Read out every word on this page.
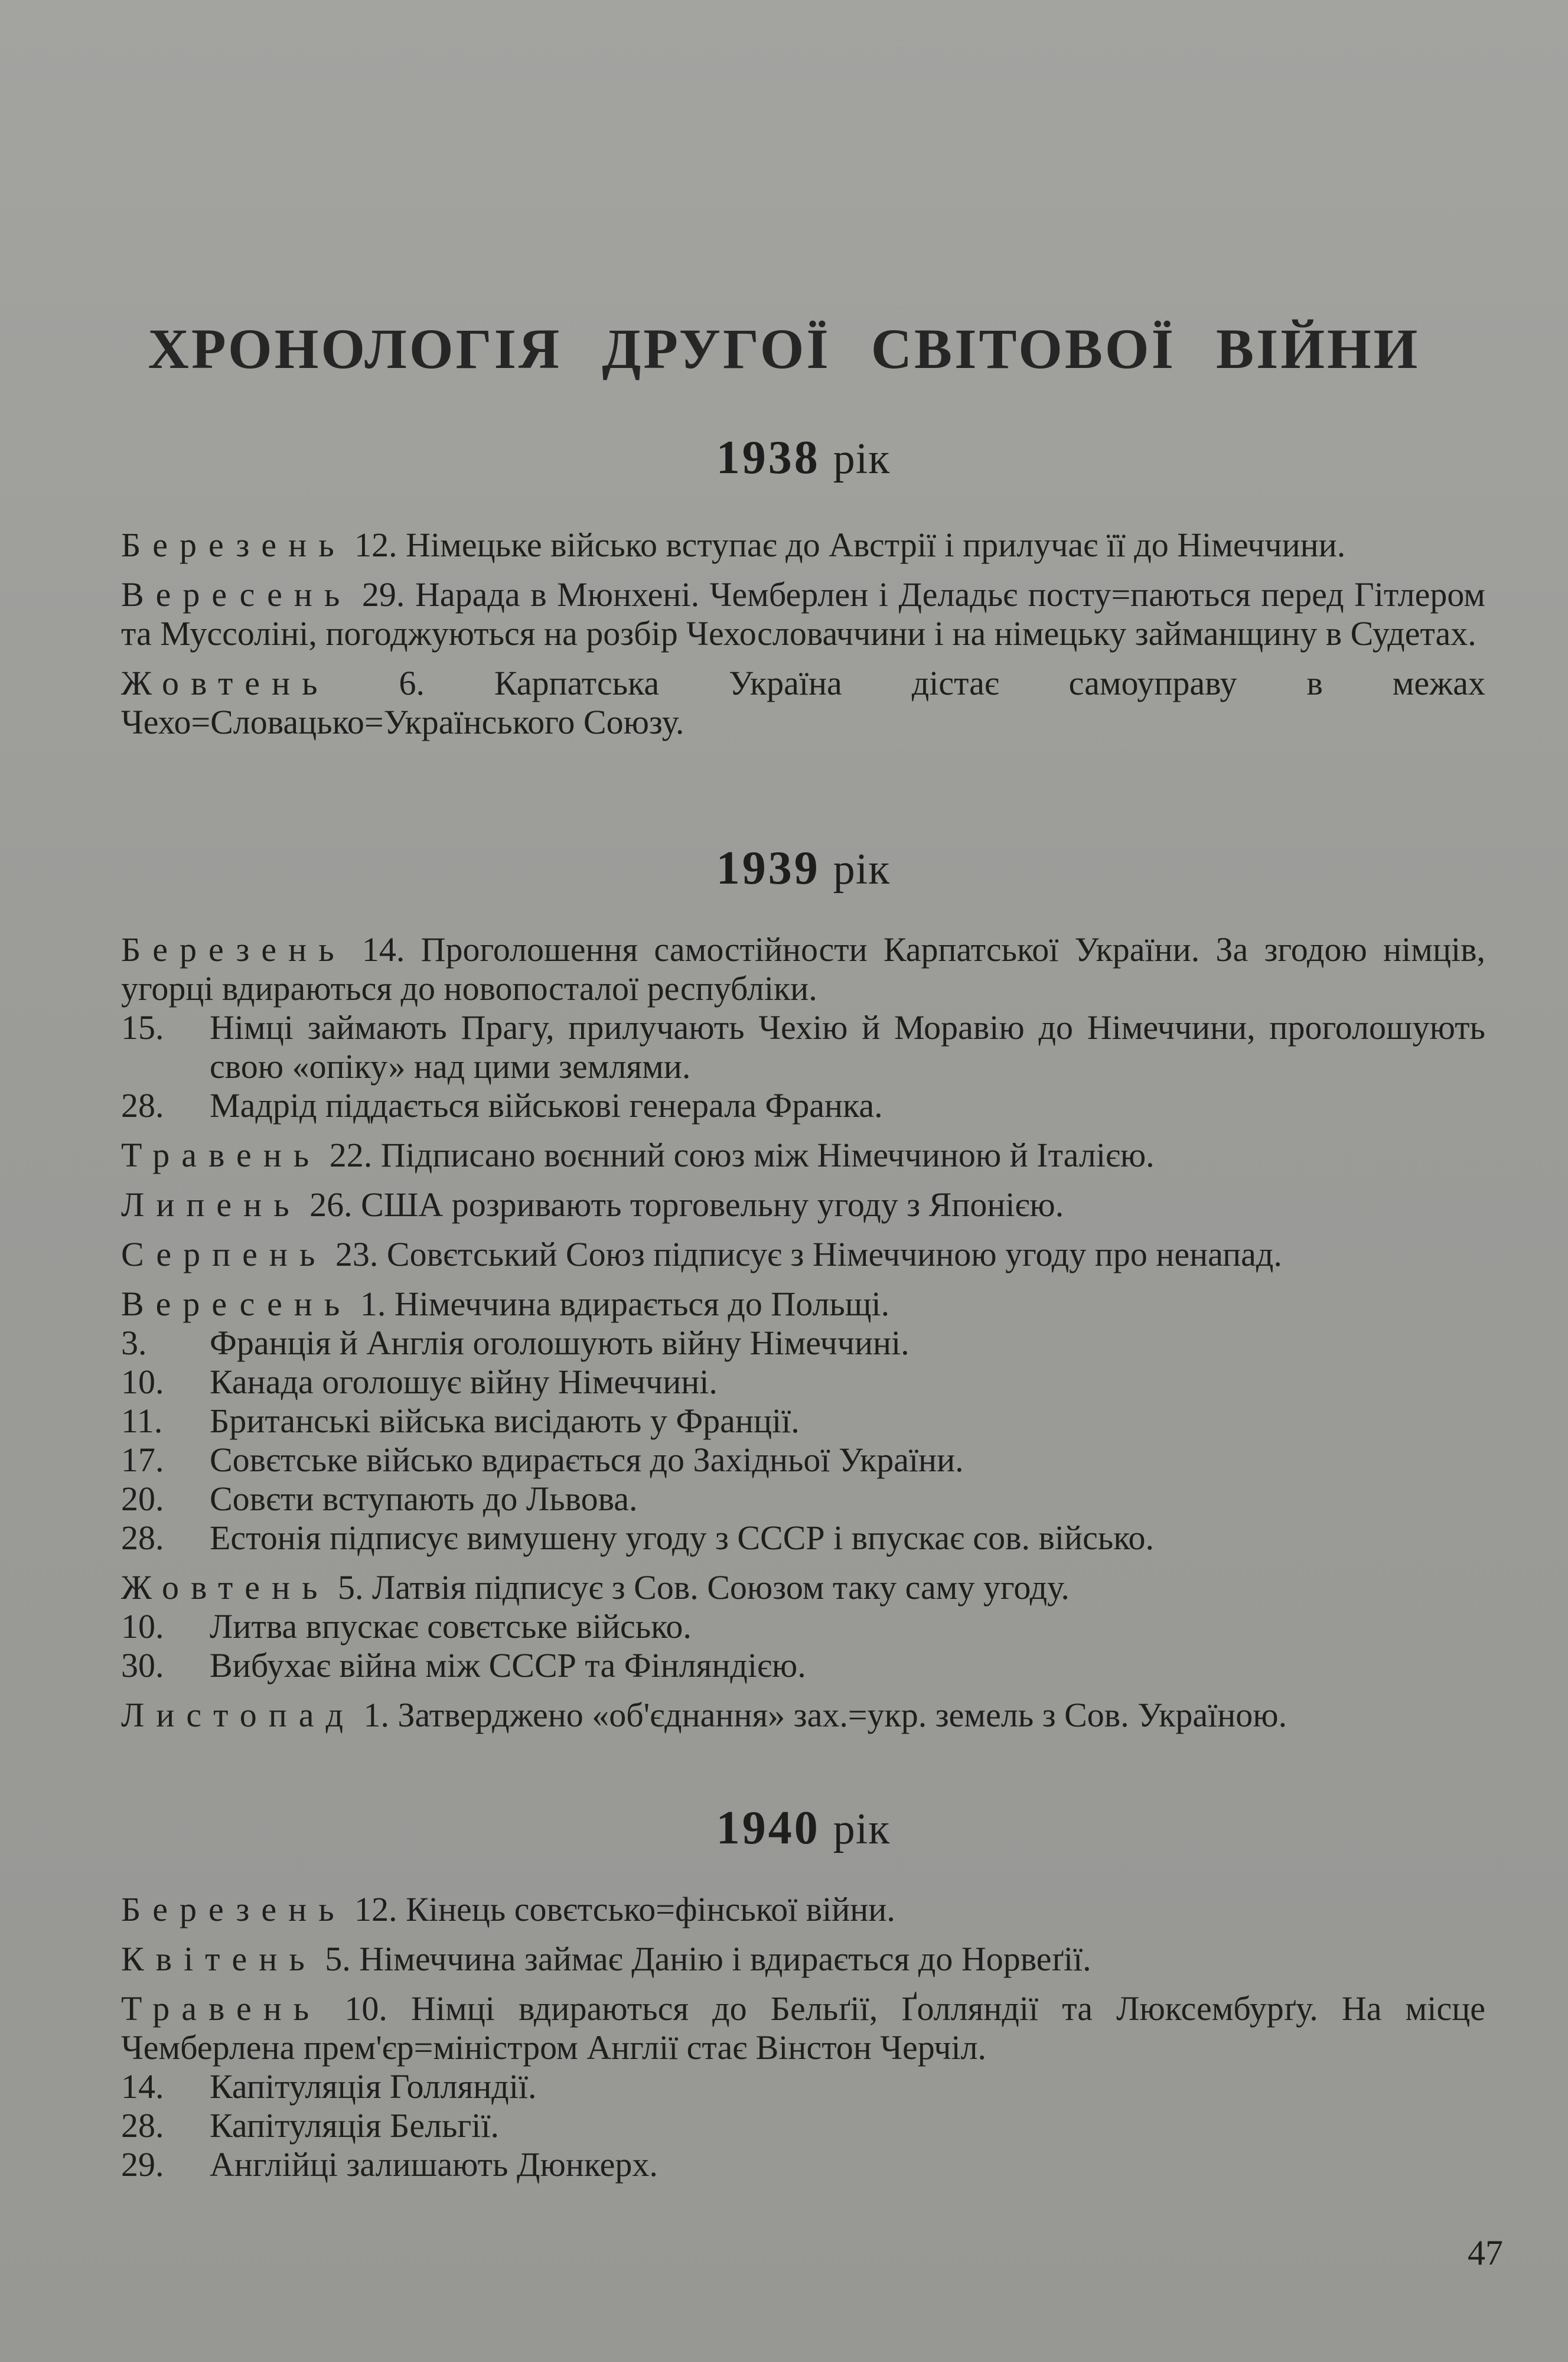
ХРОНОЛОГІЯ ДРУГОЇ СВІТОВОЇ ВІЙНИ
1938 рік

Березень 12. Німецьке військо вступає до Австрії і прилучає її до Німеччини.

Вересень 29. Нарада в Мюнхені. Чемберлен і Деладьє посту=паються перед Гітлером та Муссоліні, погоджуються на розбір Чехословаччини і на німецьку займанщину в Судетах.

Жовтень 6. Карпатська Україна дістає самоуправу в межах Чехо=Словацько=Українського Союзу.

1939 рік

Березень 14. Проголошення самостійности Карпатської України. За згодою німців, угорці вдираються до новопосталої республіки.

15. Німці займають Прагу, прилучають Чехію й Моравію до Німеччини, проголошують свою «опіку» над цими землями.

28. Мадрід піддається військові генерала Франка.

Травень 22. Підписано воєнний союз між Німеччиною й Італією.

Липень 26. США розривають торговельну угоду з Японією.

Серпень 23. Совєтський Союз підписує з Німеччиною угоду про ненапад.

Вересень 1. Німеччина вдирається до Польщі.

3. Франція й Англія оголошують війну Німеччині.

10. Канада оголошує війну Німеччині.

11. Британські війська висідають у Франції.

17. Совєтське військо вдирається до Західньої України.

20. Совєти вступають до Львова.

28. Естонія підписує вимушену угоду з СССР і впускає сов. військо.

Жовтень 5. Латвія підписує з Сов. Союзом таку саму угоду.

10. Литва впускає совєтське військо.

30. Вибухає війна між СССР та Фінляндією.

Листопад 1. Затверджено «об'єднання» зах.=укр. земель з Сов. Україною.

1940 рік

Березень 12. Кінець совєтсько=фінської війни.

Квітень 5. Німеччина займає Данію і вдирається до Норвеґії.

Травень 10. Німці вдираються до Бельґії, Ґолляндії та Люксембурґу. На місце Чемберлена прем'єр=міністром Англії стає Вінстон Черчіл.

14. Капітуляція Голляндії.

28. Капітуляція Бельгії.

29. Англійці залишають Дюнкерх.

47
